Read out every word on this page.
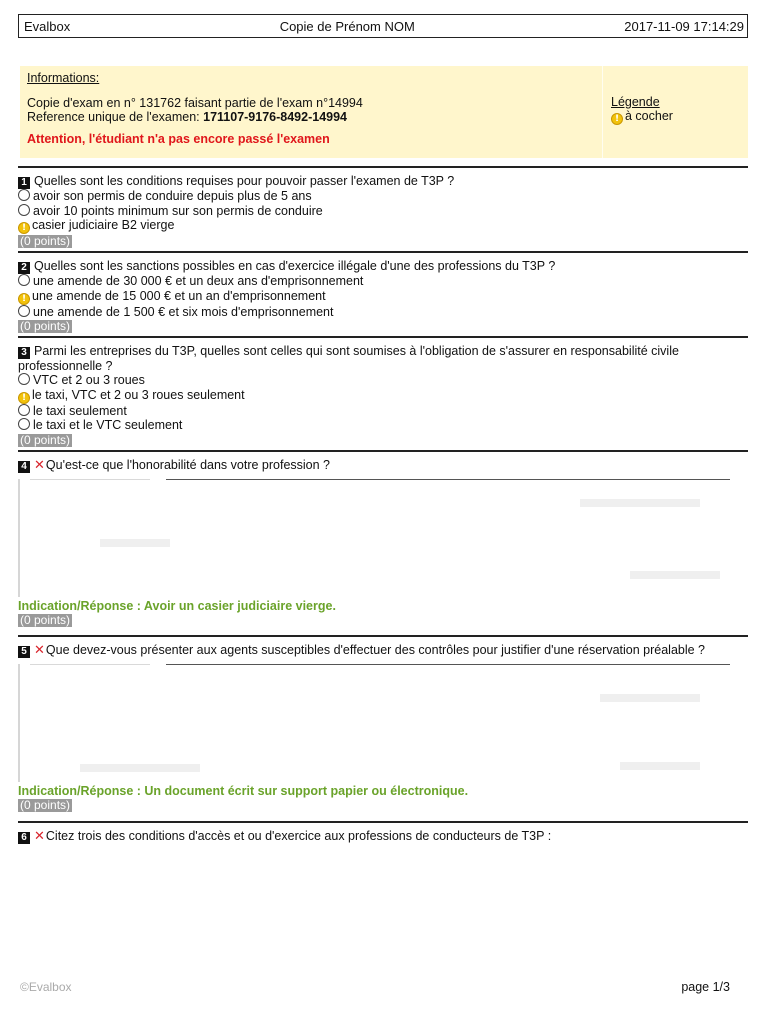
Evalbox	Copie de Prénom NOM	2017-11-09 17:14:29
Informations:
Copie d'exam en n° 131762 faisant partie de l'exam n°14994
Reference unique de l'examen: 171107-9176-8492-14994
Attention, l'étudiant n'a pas encore passé l'examen
Légende
! à cocher
1 Quelles sont les conditions requises pour pouvoir passer l'examen de T3P ?
avoir son permis de conduire depuis plus de 5 ans
avoir 10 points minimum sur son permis de conduire
! casier judiciaire B2 vierge
(0 points)
2 Quelles sont les sanctions possibles en cas d'exercice illégale d'une des professions du T3P ?
une amende de 30 000 € et un deux ans d'emprisonnement
! une amende de 15 000 € et un an d'emprisonnement
une amende de 1 500 € et six mois d'emprisonnement
(0 points)
3 Parmi les entreprises du T3P, quelles sont celles qui sont soumises à l'obligation de s'assurer en responsabilité civile professionnelle ?
VTC et 2 ou 3 roues
! le taxi, VTC et 2 ou 3 roues seulement
le taxi seulement
le taxi et le VTC seulement
(0 points)
4 ✕Qu'est-ce que l'honorabilité dans votre profession ?
Indication/Réponse : Avoir un casier judiciaire vierge.
(0 points)
5 ✕Que devez-vous présenter aux agents susceptibles d'effectuer des contrôles pour justifier d'une réservation préalable ?
Indication/Réponse : Un document écrit sur support papier ou électronique.
(0 points)
6 ✕Citez trois des conditions d'accès et ou d'exercice aux professions de conducteurs de T3P :
©Evalbox	page 1/3
